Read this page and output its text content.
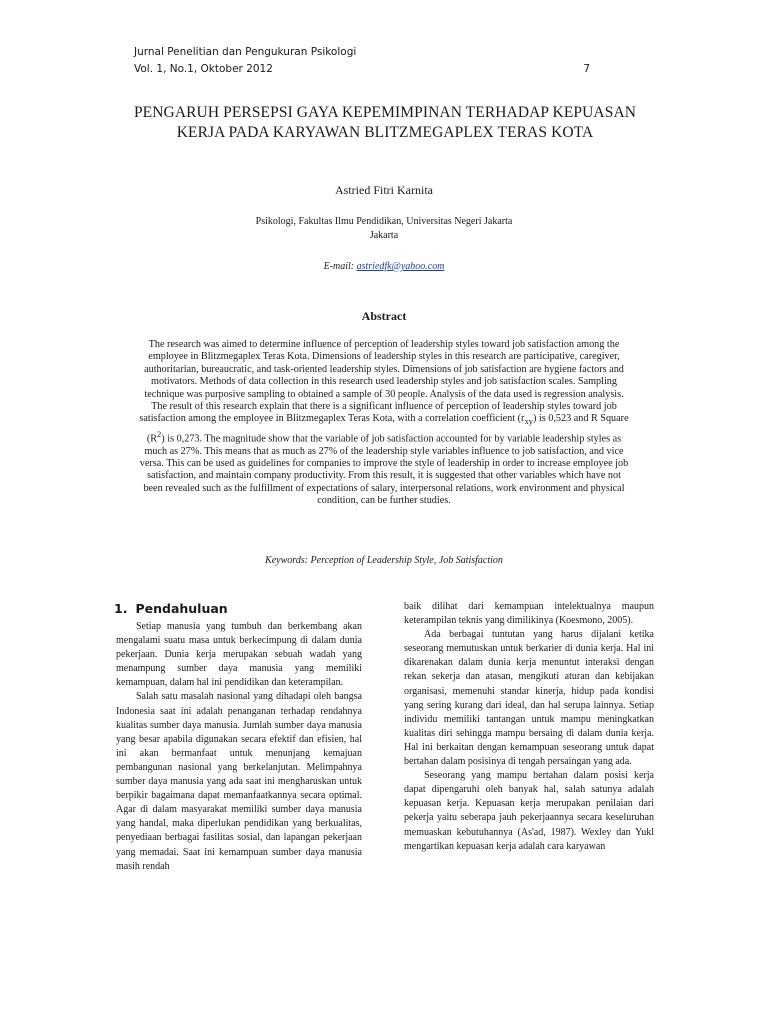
Jurnal Penelitian dan Pengukuran Psikologi
Vol. 1, No.1, Oktober 2012	7
PENGARUH PERSEPSI GAYA KEPEMIMPINAN TERHADAP KEPUASAN KERJA PADA KARYAWAN BLITZMEGAPLEX TERAS KOTA
Astried Fitri Karnita
Psikologi, Fakultas Ilmu Pendidikan, Universitas Negeri Jakarta
Jakarta
E-mail: astriedfk@yahoo.com
Abstract
The research was aimed to determine influence of perception of leadership styles toward job satisfaction among the employee in Blitzmegaplex Teras Kota. Dimensions of leadership styles in this research are participative, caregiver, authoritarian, bureaucratic, and task-oriented leadership styles. Dimensions of job satisfaction are hygiene factors and motivators. Methods of data collection in this research used leadership styles and job satisfaction scales. Sampling technique was purposive sampling to obtained a sample of 30 people. Analysis of the data used is regression analysis. The result of this research explain that there is a significant influence of perception of leadership styles toward job satisfaction among the employee in Blitzmegaplex Teras Kota, with a correlation coefficient $(r_{xy})$ is 0,523 and R Square $(R^2)$ is 0,273. The magnitude show that the variable of job satisfaction accounted for by variable leadership styles as much as 27%. This means that as much as 27% of the leadership style variables influence to job satisfaction, and vice versa. This can be used as guidelines for companies to improve the style of leadership in order to increase employee job satisfaction, and maintain company productivity. From this result, it is suggested that other variables which have not been revealed such as the fulfillment of expectations of salary, interpersonal relations, work environment and physical condition, can be further studies.
Keywords: Perception of Leadership Style, Job Satisfaction
1. Pendahuluan

Setiap manusia yang tumbuh dan berkembang akan mengalami suatu masa untuk berkecimpung di dalam dunia pekerjaan. Dunia kerja merupakan sebuah wadah yang menampung sumber daya manusia yang memiliki kemampuan, dalam hal ini pendidikan dan keterampilan.

Salah satu masalah nasional yang dihadapi oleh bangsa Indonesia saat ini adalah penanganan terhadap rendahnya kualitas sumber daya manusia. Jumlah sumber daya manusia yang besar apabila digunakan secara efektif dan efisien, hal ini akan bermanfaat untuk menunjang kemajuan pembangunan nasional yang berkelanjutan. Melimpahnya sumber daya manusia yang ada saat ini mengharuskan untuk berpikir bagaimana dapat memanfaatkannya secara optimal. Agar di dalam masyarakat memiliki sumber daya manusia yang handal, maka diperlukan pendidikan yang berkualitas, penyediaan berbagai fasilitas sosial, dan lapangan pekerjaan yang memadai. Saat ini kemampuan sumber daya manusia masih rendah

baik dilihat dari kemampuan intelektualnya maupun keterampilan teknis yang dimilikinya (Koesmono, 2005).

Ada berbagai tuntutan yang harus dijalani ketika seseorang memutuskan untuk berkarier di dunia kerja. Hal ini dikarenakan dalam dunia kerja menuntut interaksi dengan rekan sekerja dan atasan, mengikuti aturan dan kebijakan organisasi, memenuhi standar kinerja, hidup pada kondisi yang sering kurang dari ideal, dan hal serupa lainnya. Setiap individu memiliki tantangan untuk mampu meningkatkan kualitas diri sehingga mampu bersaing di dalam dunia kerja. Hal ini berkaitan dengan kemampuan seseorang untuk dapat bertahan dalam posisinya di tengah persaingan yang ada.

Seseorang yang mampu bertahan dalam posisi kerja dapat dipengaruhi oleh banyak hal, salah satunya adalah kepuasan kerja. Kepuasan kerja merupakan penilaian dari pekerja yaitu seberapa jauh pekerjaannya secara keseluruhan memuaskan kebutuhannya (As'ad, 1987). Wexley dan Yukl mengartikan kepuasan kerja adalah cara karyawan
